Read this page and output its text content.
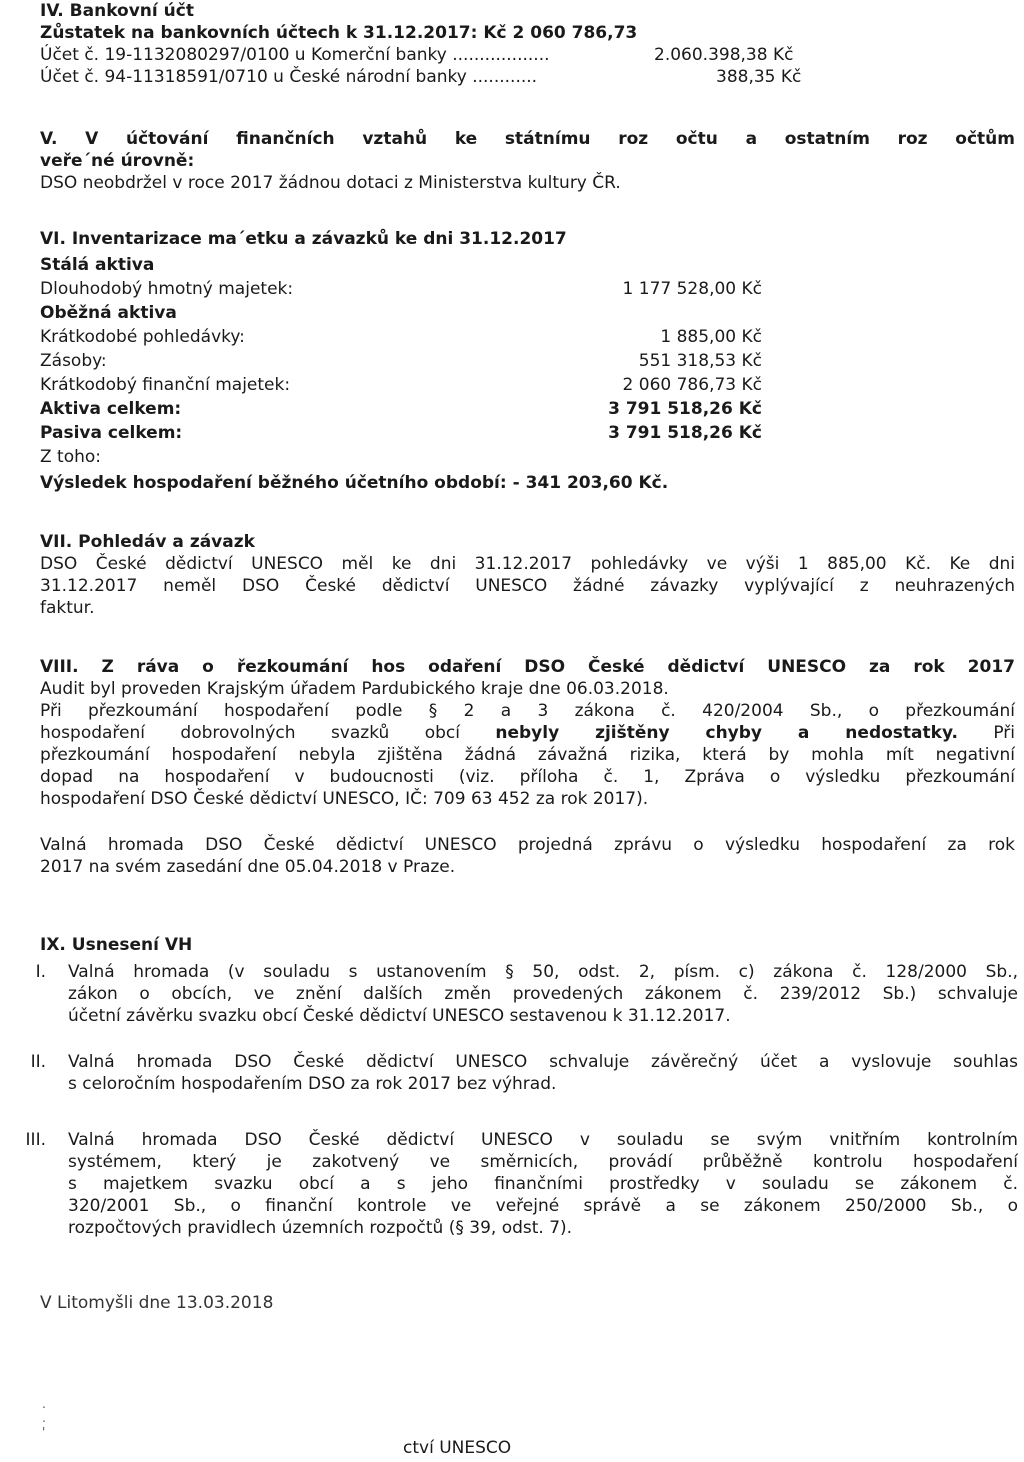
IV. Bankovní účt
Zůstatek na bankovních účtech k 31.12.2017: Kč 2 060 786,73
Účet č. 19-1132080297/0100 u Komerční banky ..................	2.060.398,38 Kč
Účet č. 94-11318591/0710 u České národní banky ............	388,35 Kč
V. V účtování finančních vztahů ke státnímu roz očtu a ostatním roz očtům
veře´né úrovně:
DSO neobdržel v roce 2017 žádnou dotaci z Ministerstva kultury ČR.
VI. Inventarizace ma´etku a závazků ke dni 31.12.2017
Stálá aktiva
Dlouhodobý hmotný majetek:	1 177 528,00 Kč
Oběžná aktiva
Krátkodobé pohledávky:	1 885,00 Kč
Zásoby:	551 318,53 Kč
Krátkodobý finanční majetek:	2 060 786,73 Kč
Aktiva celkem:	3 791 518,26 Kč
Pasiva celkem:	3 791 518,26 Kč
Z toho:
Výsledek hospodaření běžného účetního období: - 341 203,60 Kč.
VII. Pohledáv a závazk
DSO České dědictví UNESCO měl ke dni 31.12.2017 pohledávky ve výši 1 885,00 Kč. Ke dni
31.12.2017 neměl DSO České dědictví UNESCO žádné závazky vyplývající z neuhrazených
faktur.
VIII. Z ráva o řezkoumání hos odaření DSO České dědictví UNESCO za rok 2017
Audit byl proveden Krajským úřadem Pardubického kraje dne 06.03.2018.
Při přezkoumání hospodaření podle § 2 a 3 zákona č. 420/2004 Sb., o přezkoumání
hospodaření dobrovolných svazků obcí nebyly zjištěny chyby a nedostatky. Při
přezkoumání hospodaření nebyla zjištěna žádná závažná rizika, která by mohla mít negativní
dopad na hospodaření v budoucnosti (viz. příloha č. 1, Zpráva o výsledku přezkoumání
hospodaření DSO České dědictví UNESCO, IČ: 709 63 452 za rok 2017).
Valná hromada DSO České dědictví UNESCO projedná zprávu o výsledku hospodaření za rok
2017 na svém zasedání dne 05.04.2018 v Praze.
IX. Usnesení VH
I. Valná hromada (v souladu s ustanovením § 50, odst. 2, písm. c) zákona č. 128/2000 Sb.,
zákon o obcích, ve znění dalších změn provedených zákonem č. 239/2012 Sb.) schvaluje
účetní závěrku svazku obcí České dědictví UNESCO sestavenou k 31.12.2017.
II. Valná hromada DSO České dědictví UNESCO schvaluje závěrečný účet a vyslovuje souhlas
s celoročním hospodařením DSO za rok 2017 bez výhrad.
III. Valná hromada DSO České dědictví UNESCO v souladu se svým vnitřním kontrolním
systémem, který je zakotvený ve směrnicích, provádí průběžně kontrolu hospodaření
s majetkem svazku obcí a s jeho finančními prostředky v souladu se zákonem č.
320/2001 Sb., o finanční kontrole ve veřejné správě a se zákonem 250/2000 Sb., o
rozpočtových pravidlech územních rozpočtů (§ 39, odst. 7).
V Litomyšli dne 13.03.2018
.
.
'
ctví UNESCO
